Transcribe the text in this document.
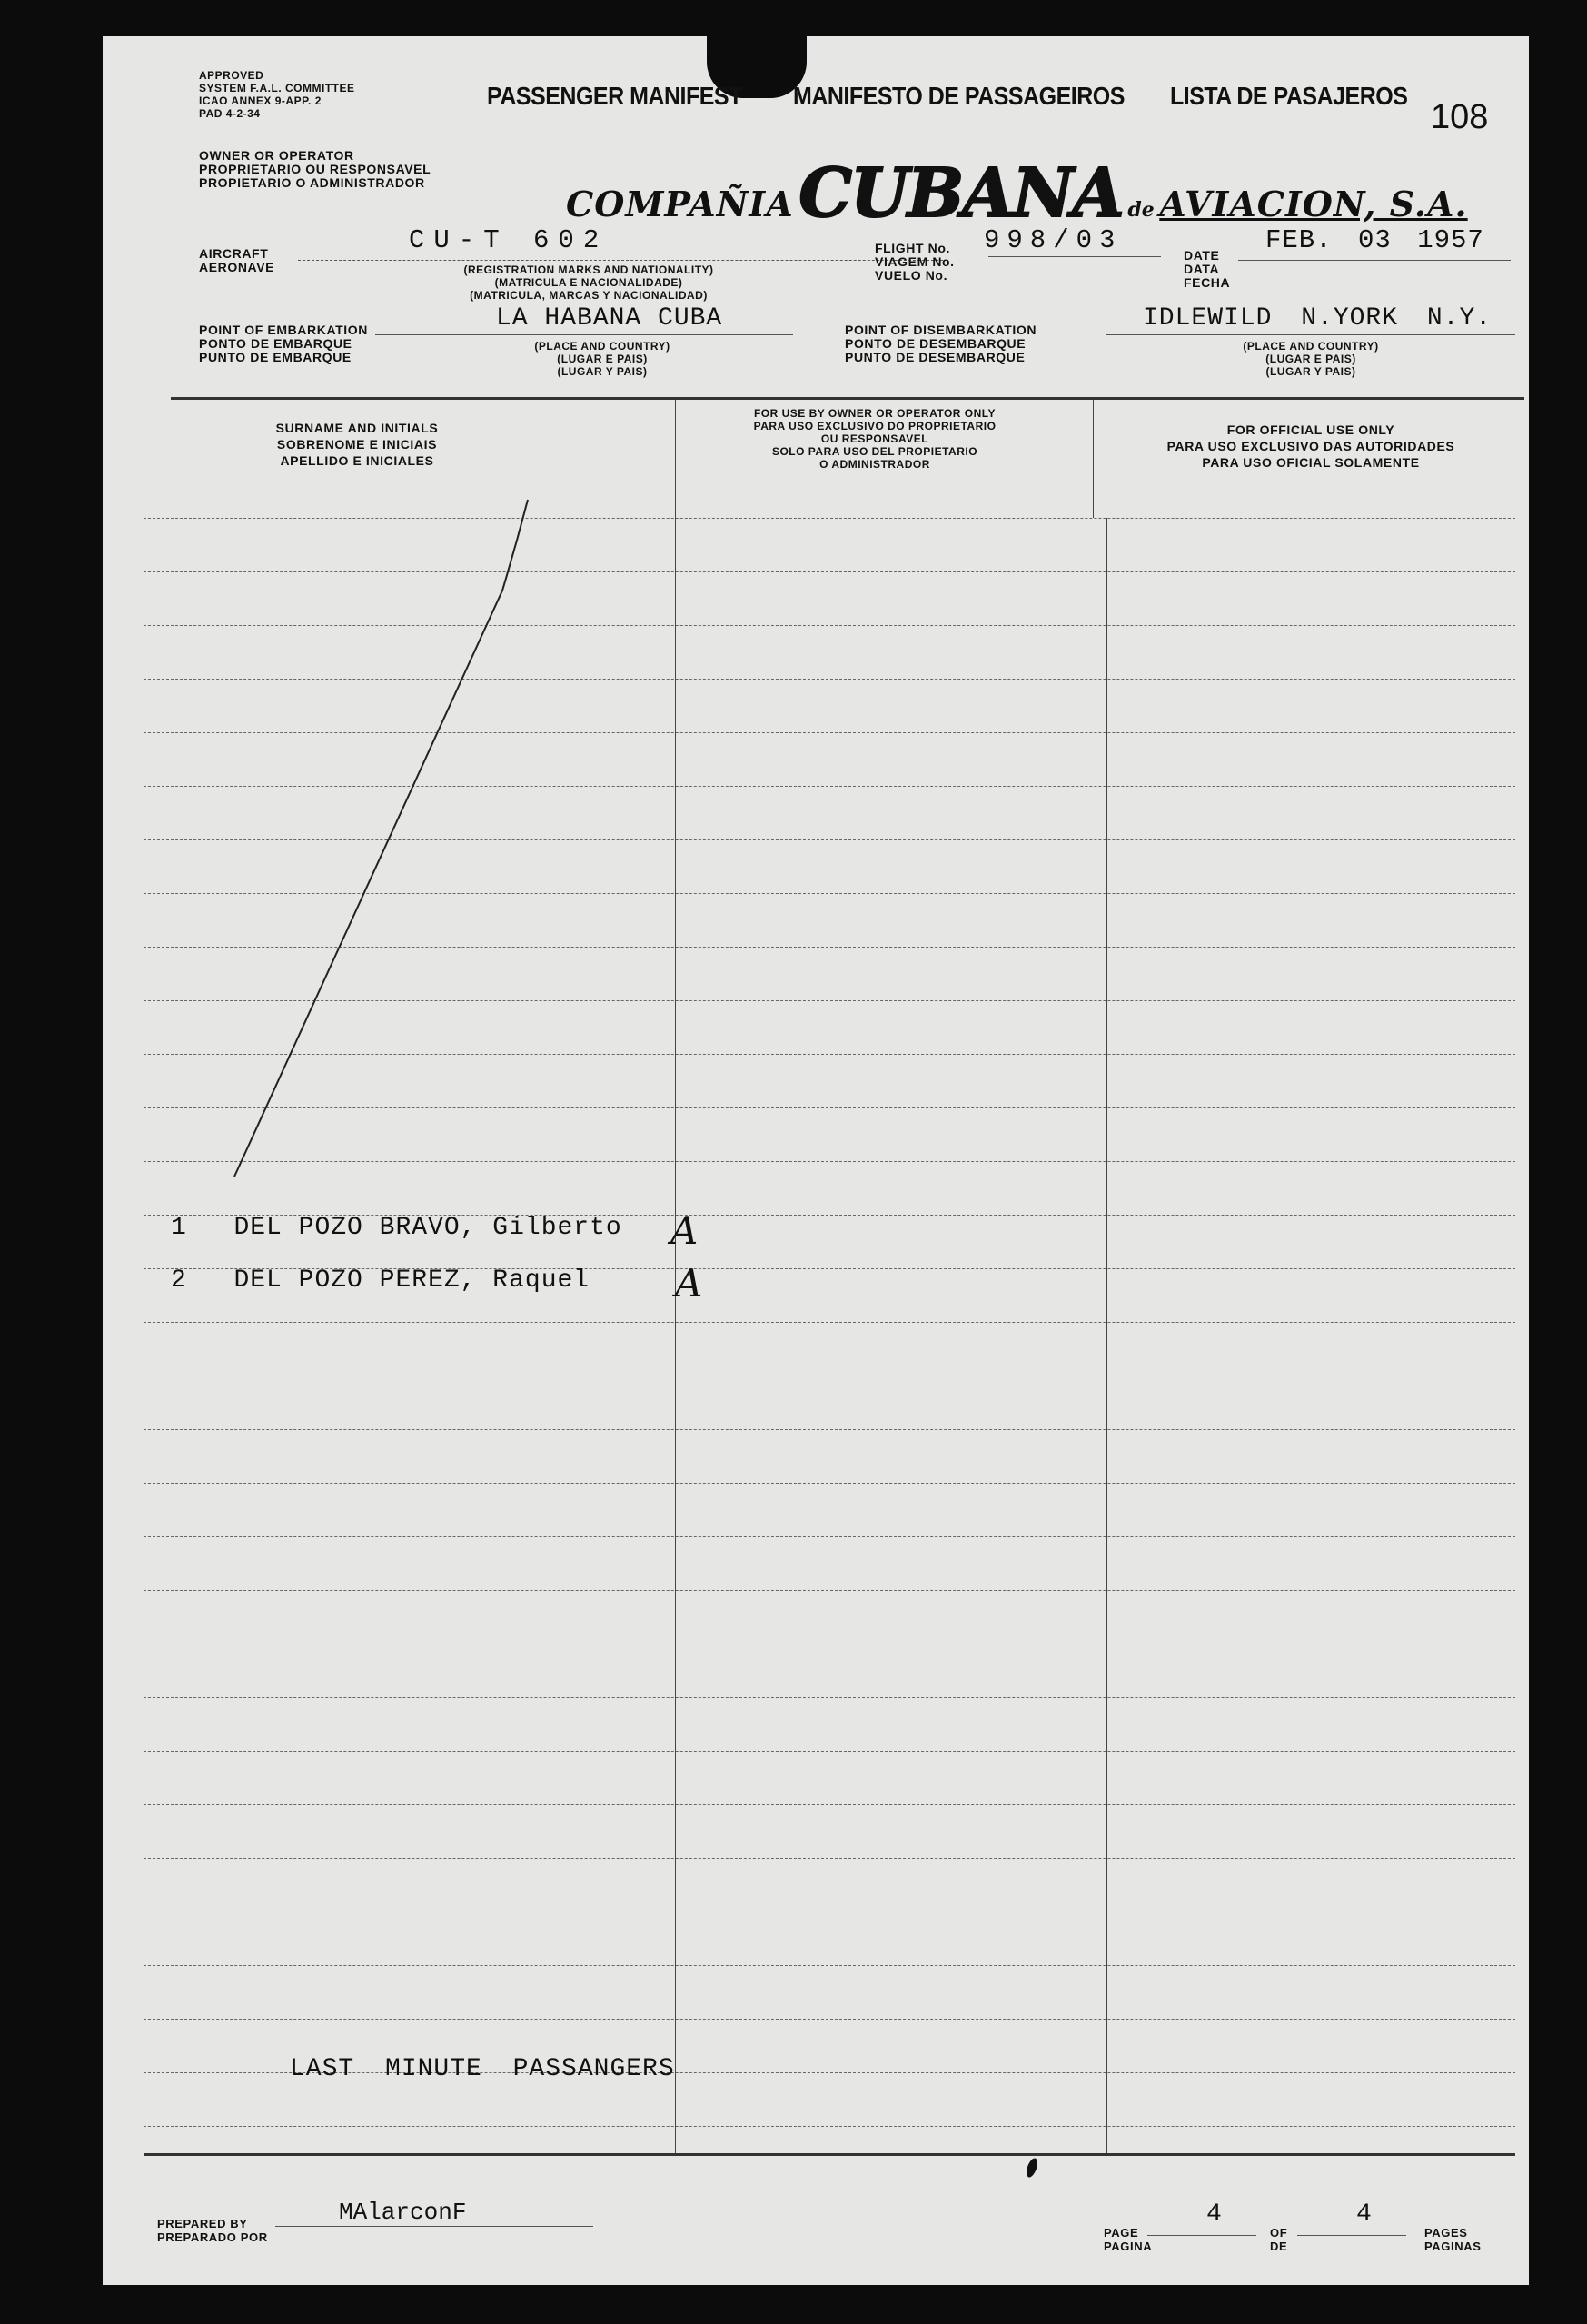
APPROVED
SYSTEM F.A.L. COMMITTEE
ICAO ANNEX 9-APP. 2
PAD 4-2-34
PASSENGER MANIFEST MANIFESTO DE PASSAGEIROS LISTA DE PASAJEROS
108
OWNER OR OPERATOR
PROPRIETARIO OU RESPONSAVEL
PROPIETARIO O ADMINISTRADOR
COMPAÑIA CUBANA de AVIACION, S.A.
AIRCRAFT
AERONAVE
CU-T 602
(REGISTRATION MARKS AND NATIONALITY)
(MATRICULA E NACIONALIDADE)
(MATRICULA, MARCAS Y NACIONALIDAD)
FLIGHT No.
VIAGEM No.
VUELO No.
998/03	DATE
DATA
FECHA
FEB. 03 1957
POINT OF EMBARKATION
PONTO DE EMBARQUE
PUNTO DE EMBARQUE
LA HABANA CUBA
(PLACE AND COUNTRY)
(LUGAR E PAIS)
(LUGAR Y PAIS)
POINT OF DISEMBARKATION
PONTO DE DESEMBARQUE
PUNTO DE DESEMBARQUE
IDLEWILD N.YORK N.Y.
(PLACE AND COUNTRY)
(LUGAR E PAIS)
(LUGAR Y PAIS)
SURNAME AND INITIALS
SOBRENOME E INICIAIS
APELLIDO E INICIALES
FOR USE BY OWNER OR OPERATOR ONLY
PARA USO EXCLUSIVO DO PROPRIETARIO
OU RESPONSAVEL
SOLO PARA USO DEL PROPIETARIO
O ADMINISTRADOR
FOR OFFICIAL USE ONLY
PARA USO EXCLUSIVO DAS AUTORIDADES
PARA USO OFICIAL SOLAMENTE
1 DEL POZO BRAVO, Gilberto A
2 DEL POZO PEREZ, Raquel A
LAST MINUTE PASSANGERS
PREPARED BY
PREPARADO POR
MAlarconF
PAGE
PAGINA
4
OF
DE
4
PAGES
PAGINAS
